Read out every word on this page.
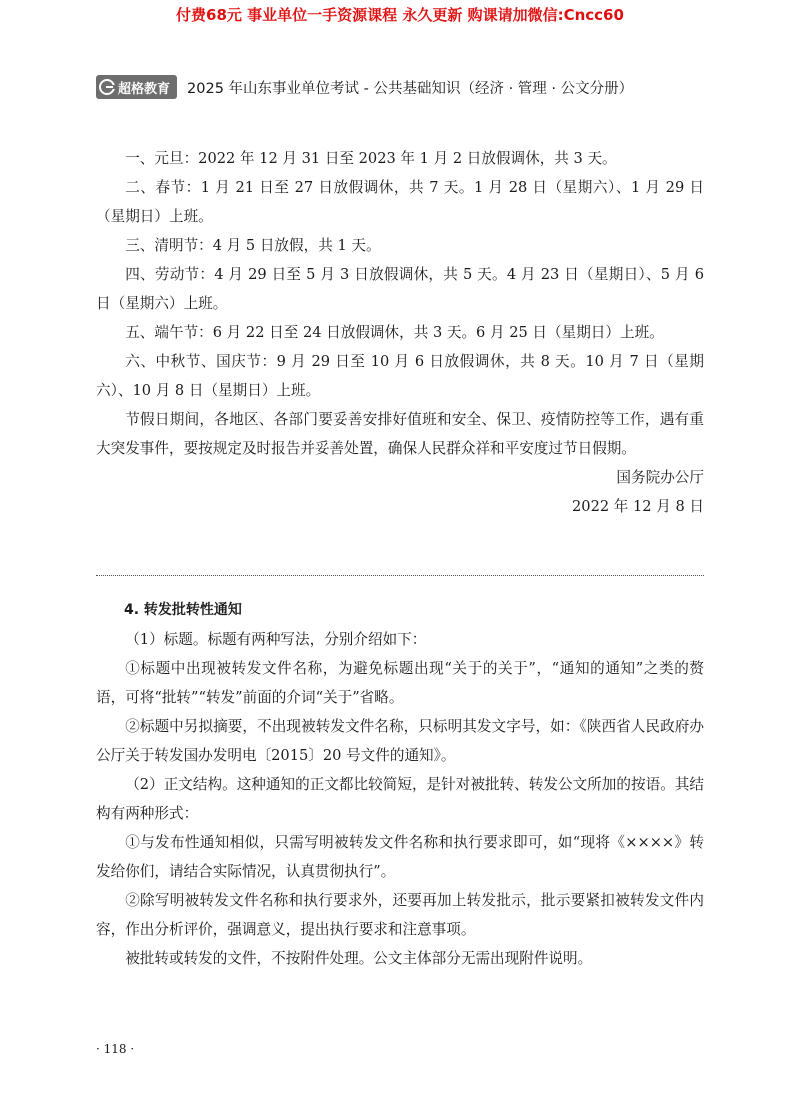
付费68元 事业单位一手资源课程 永久更新 购课请加微信:Cncc60
超格教育 2025 年山东事业单位考试 - 公共基础知识（经济 · 管理 · 公文分册）

一、元旦：2022 年 12 月 31 日至 2023 年 1 月 2 日放假调休，共 3 天。

二、春节：1 月 21 日至 27 日放假调休，共 7 天。1 月 28 日（星期六）、1 月 29 日（星期日）上班。

三、清明节：4 月 5 日放假，共 1 天。

四、劳动节：4 月 29 日至 5 月 3 日放假调休，共 5 天。4 月 23 日（星期日）、5 月 6 日（星期六）上班。

五、端午节：6 月 22 日至 24 日放假调休，共 3 天。6 月 25 日（星期日）上班。

六、中秋节、国庆节：9 月 29 日至 10 月 6 日放假调休，共 8 天。10 月 7 日（星期六）、10 月 8 日（星期日）上班。

节假日期间，各地区、各部门要妥善安排好值班和安全、保卫、疫情防控等工作，遇有重大突发事件，要按规定及时报告并妥善处置，确保人民群众祥和平安度过节日假期。

国务院办公厅

2022 年 12 月 8 日

4. 转发批转性通知

（1）标题。标题有两种写法，分别介绍如下：

①标题中出现被转发文件名称，为避免标题出现“关于的关于”，“通知的通知”之类的赘语，可将“批转”“转发”前面的介词“关于”省略。

②标题中另拟摘要，不出现被转发文件名称，只标明其发文字号，如：《陕西省人民政府办公厅关于转发国办发明电〔2015〕20 号文件的通知》。

（2）正文结构。这种通知的正文都比较简短，是针对被批转、转发公文所加的按语。其结构有两种形式：

①与发布性通知相似，只需写明被转发文件名称和执行要求即可，如“现将《××××》转发给你们，请结合实际情况，认真贯彻执行”。

②除写明被转发文件名称和执行要求外，还要再加上转发批示，批示要紧扣被转发文件内容，作出分析评价，强调意义，提出执行要求和注意事项。

被批转或转发的文件，不按附件处理。公文主体部分无需出现附件说明。

· 118 ·
